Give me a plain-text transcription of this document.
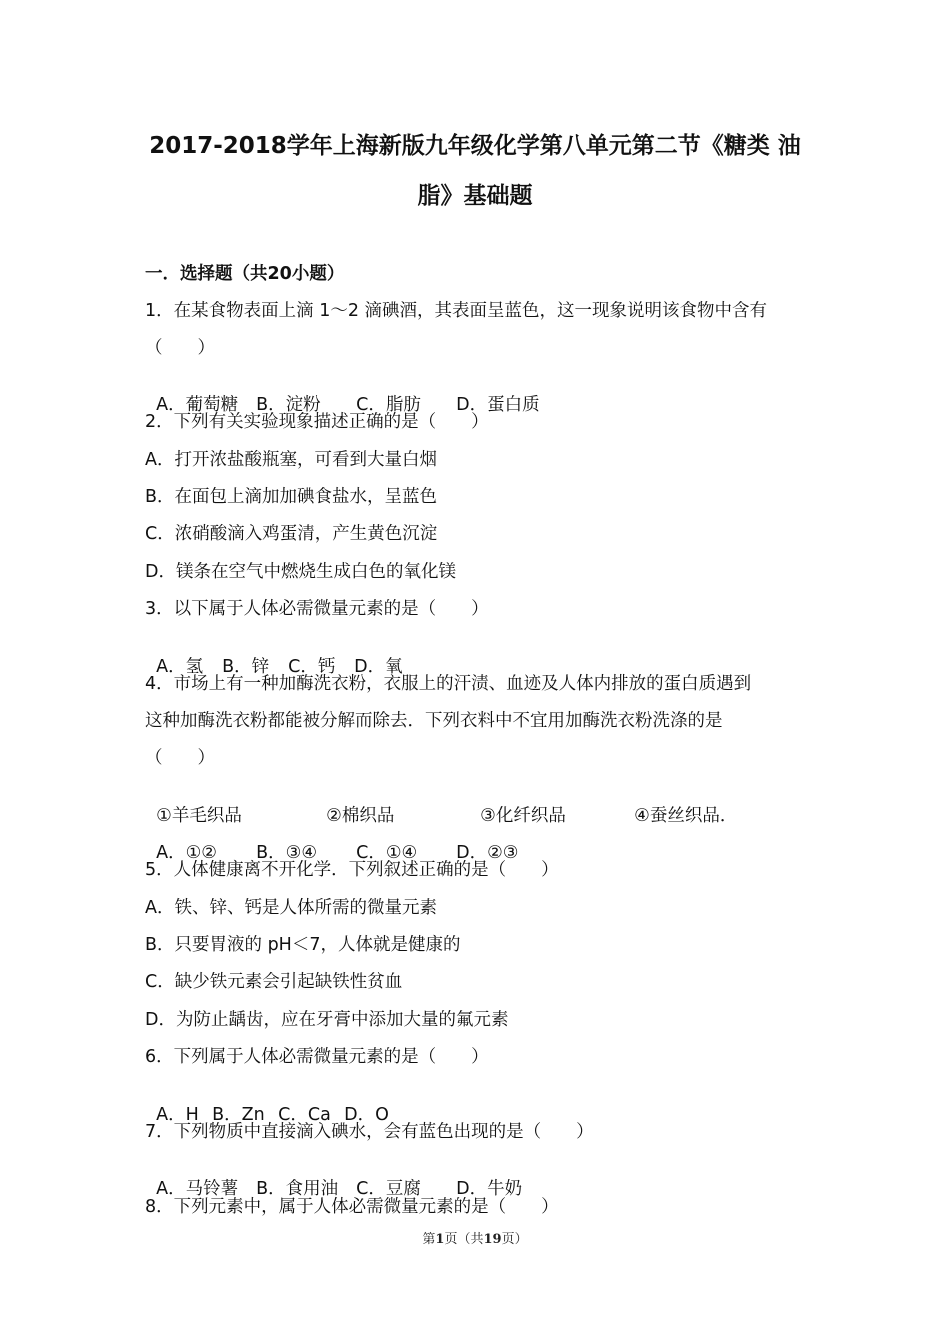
2017-2018学年上海新版九年级化学第八单元第二节《糖类 油
脂》基础题
一．选择题（共20小题）
1．在某食物表面上滴 1～2 滴碘酒，其表面呈蓝色，这一现象说明该食物中含有
（　　）

A．葡萄糖 B．淀粉 C．脂肪 D．蛋白质

2．下列有关实验现象描述正确的是（　　）
A．打开浓盐酸瓶塞，可看到大量白烟
B．在面包上滴加加碘食盐水，呈蓝色
C．浓硝酸滴入鸡蛋清，产生黄色沉淀
D．镁条在空气中燃烧生成白色的氧化镁
3．以下属于人体必需微量元素的是（　　）

A．氢 B．锌 C．钙 D．氧

4．市场上有一种加酶洗衣粉，衣服上的汗渍、血迹及人体内排放的蛋白质遇到
这种加酶洗衣粉都能被分解而除去．下列衣料中不宜用加酶洗衣粉洗涤的是
（　　）

①羊毛织品	②棉织品	③化纤织品	④蚕丝织品．

A．①② B．③④ C．①④ D．②③

5．人体健康离不开化学．下列叙述正确的是（　　）
A．铁、锌、钙是人体所需的微量元素
B．只要胃液的 pH＜7，人体就是健康的
C．缺少铁元素会引起缺铁性贫血
D．为防止龋齿，应在牙膏中添加大量的氟元素
6．下列属于人体必需微量元素的是（　　）

A．H B．Zn C．Ca D．O

7．下列物质中直接滴入碘水，会有蓝色出现的是（　　）

A．马铃薯 B．食用油 C．豆腐 D．牛奶

8．下列元素中，属于人体必需微量元素的是（　　）
第1页（共19页）
